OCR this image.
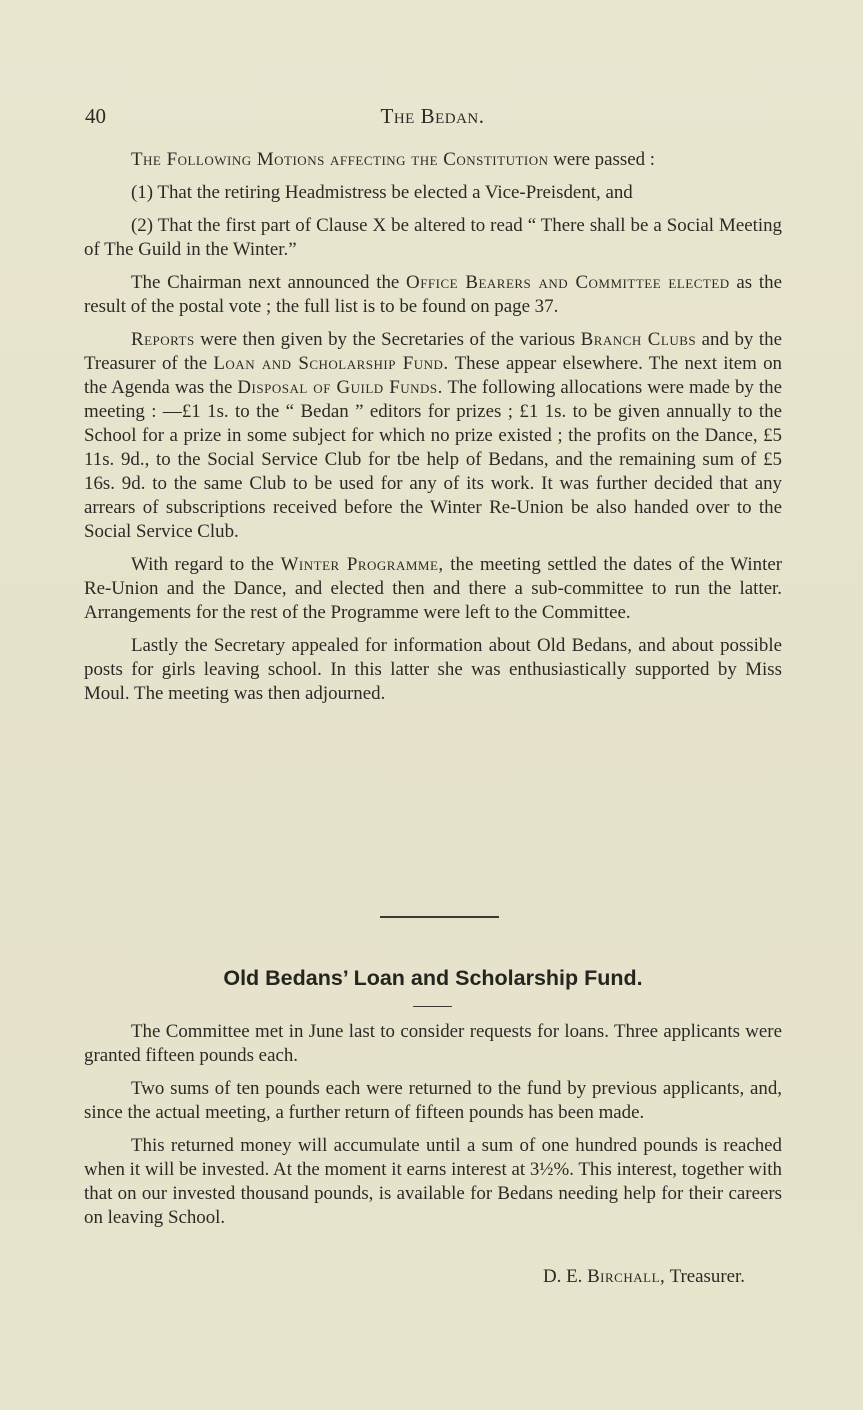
40	The Bedan.

The Following Motions affecting the Constitution were passed :

(1) That the retiring Headmistress be elected a Vice-Preisdent, and

(2) That the first part of Clause X be altered to read “ There shall be a Social Meeting of The Guild in the Winter.”

The Chairman next announced the Office Bearers and Committee elected as the result of the postal vote ; the full list is to be found on page 37.

Reports were then given by the Secretaries of the various Branch Clubs and by the Treasurer of the Loan and Scholarship Fund. These appear elsewhere. The next item on the Agenda was the Disposal of Guild Funds. The following allocations were made by the meeting : —£1 1s. to the “ Bedan ” editors for prizes ; £1 1s. to be given annually to the School for a prize in some subject for which no prize existed ; the profits on the Dance, £5 11s. 9d., to the Social Service Club for tbe help of Bedans, and the remaining sum of £5 16s. 9d. to the same Club to be used for any of its work. It was further decided that any arrears of subscriptions received before the Winter Re-Union be also handed over to the Social Service Club.

With regard to the Winter Programme, the meeting settled the dates of the Winter Re-Union and the Dance, and elected then and there a sub-committee to run the latter. Arrangements for the rest of the Programme were left to the Committee.

Lastly the Secretary appealed for information about Old Bedans, and about possible posts for girls leaving school. In this latter she was enthusiastically supported by Miss Moul. The meeting was then adjourned.

Old Bedans’ Loan and Scholarship Fund.

The Committee met in June last to consider requests for loans. Three applicants were granted fifteen pounds each.

Two sums of ten pounds each were returned to the fund by previous applicants, and, since the actual meeting, a further return of fifteen pounds has been made.

This returned money will accumulate until a sum of one hundred pounds is reached when it will be invested. At the moment it earns interest at 3½%. This interest, together with that on our invested thousand pounds, is available for Bedans needing help for their careers on leaving School.

D. E. Birchall, Treasurer.
